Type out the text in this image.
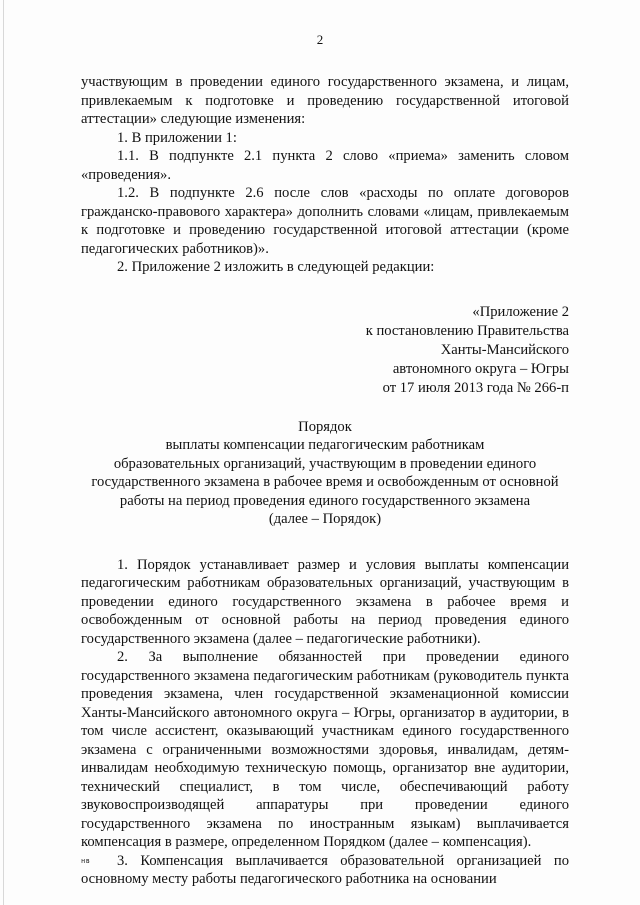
2

участвующим в проведении единого государственного экзамена, и лицам, привлекаемым к подготовке и проведению государственной итоговой аттестации» следующие изменения:

1. В приложении 1:

1.1. В подпункте 2.1 пункта 2 слово «приема» заменить словом «проведения».

1.2. В подпункте 2.6 после слов «расходы по оплате договоров гражданско-правового характера» дополнить словами «лицам, привлекаемым к подготовке и проведению государственной итоговой аттестации (кроме педагогических работников)».

2. Приложение 2 изложить в следующей редакции:

«Приложение 2
к постановлению Правительства
Ханты-Мансийского
автономного округа – Югры
от 17 июля 2013 года № 266-п
Порядок
выплаты компенсации педагогическим работникам
образовательных организаций, участвующим в проведении единого
государственного экзамена в рабочее время и освобожденным от основной
работы на период проведения единого государственного экзамена
(далее – Порядок)

1. Порядок устанавливает размер и условия выплаты компенсации педагогическим работникам образовательных организаций, участвующим в проведении единого государственного экзамена в рабочее время и освобожденным от основной работы на период проведения единого государственного экзамена (далее – педагогические работники).

2. За выполнение обязанностей при проведении единого государственного экзамена педагогическим работникам (руководитель пункта проведения экзамена, член государственной экзаменационной комиссии Ханты-Мансийского автономного округа – Югры, организатор в аудитории, в том числе ассистент, оказывающий участникам единого государственного экзамена с ограниченными возможностями здоровья, инвалидам, детям-инвалидам необходимую техническую помощь, организатор вне аудитории, технический специалист, в том числе, обеспечивающий работу звуковоспроизводящей аппаратуры при проведении единого государственного экзамена по иностранным языкам) выплачивается компенсация в размере, определенном Порядком (далее – компенсация).

3. Компенсация выплачивается образовательной организацией по основному месту работы педагогического работника на основании

нв
